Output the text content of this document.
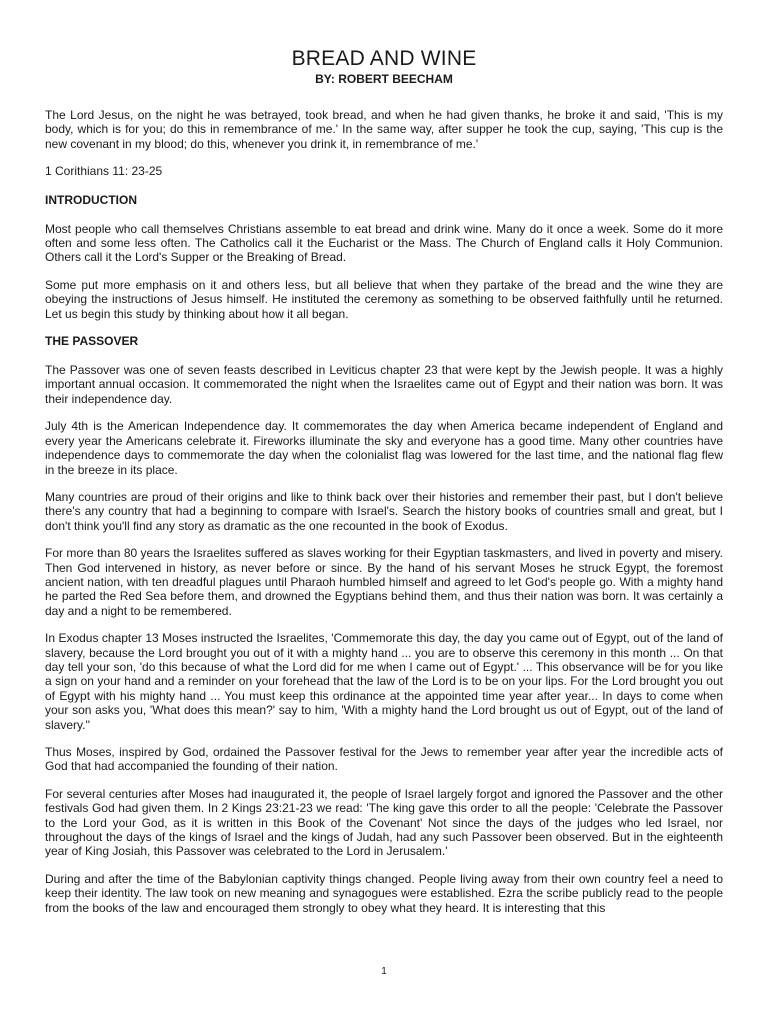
BREAD AND WINE
BY: ROBERT BEECHAM

The Lord Jesus, on the night he was betrayed, took bread, and when he had given thanks, he broke it and said, 'This is my body, which is for you; do this in remembrance of me.' In the same way, after supper he took the cup, saying, 'This cup is the new covenant in my blood; do this, whenever you drink it, in remembrance of me.'

1 Corithians 11: 23-25

INTRODUCTION

Most people who call themselves Christians assemble to eat bread and drink wine. Many do it once a week. Some do it more often and some less often. The Catholics call it the Eucharist or the Mass. The Church of England calls it Holy Communion. Others call it the Lord's Supper or the Breaking of Bread.

Some put more emphasis on it and others less, but all believe that when they partake of the bread and the wine they are obeying the instructions of Jesus himself. He instituted the ceremony as something to be observed faithfully until he returned. Let us begin this study by thinking about how it all began.

THE PASSOVER

The Passover was one of seven feasts described in Leviticus chapter 23 that were kept by the Jewish people. It was a highly important annual occasion. It commemorated the night when the Israelites came out of Egypt and their nation was born. It was their independence day.

July 4th is the American Independence day. It commemorates the day when America became independent of England and every year the Americans celebrate it. Fireworks illuminate the sky and everyone has a good time. Many other countries have independence days to commemorate the day when the colonialist flag was lowered for the last time, and the national flag flew in the breeze in its place.

Many countries are proud of their origins and like to think back over their histories and remember their past, but I don't believe there's any country that had a beginning to compare with Israel's. Search the history books of countries small and great, but I don't think you'll find any story as dramatic as the one recounted in the book of Exodus.

For more than 80 years the Israelites suffered as slaves working for their Egyptian taskmasters, and lived in poverty and misery. Then God intervened in history, as never before or since. By the hand of his servant Moses he struck Egypt, the foremost ancient nation, with ten dreadful plagues until Pharaoh humbled himself and agreed to let God's people go. With a mighty hand he parted the Red Sea before them, and drowned the Egyptians behind them, and thus their nation was born. It was certainly a day and a night to be remembered.

In Exodus chapter 13 Moses instructed the Israelites, 'Commemorate this day, the day you came out of Egypt, out of the land of slavery, because the Lord brought you out of it with a mighty hand ... you are to observe this ceremony in this month ... On that day tell your son, 'do this because of what the Lord did for me when I came out of Egypt.' ... This observance will be for you like a sign on your hand and a reminder on your forehead that the law of the Lord is to be on your lips. For the Lord brought you out of Egypt with his mighty hand ... You must keep this ordinance at the appointed time year after year... In days to come when your son asks you, 'What does this mean?' say to him, 'With a mighty hand the Lord brought us out of Egypt, out of the land of slavery.''

Thus Moses, inspired by God, ordained the Passover festival for the Jews to remember year after year the incredible acts of God that had accompanied the founding of their nation.

For several centuries after Moses had inaugurated it, the people of Israel largely forgot and ignored the Passover and the other festivals God had given them. In 2 Kings 23:21-23 we read: 'The king gave this order to all the people: 'Celebrate the Passover to the Lord your God, as it is written in this Book of the Covenant' Not since the days of the judges who led Israel, nor throughout the days of the kings of Israel and the kings of Judah, had any such Passover been observed. But in the eighteenth year of King Josiah, this Passover was celebrated to the Lord in Jerusalem.'

During and after the time of the Babylonian captivity things changed. People living away from their own country feel a need to keep their identity. The law took on new meaning and synagogues were established. Ezra the scribe publicly read to the people from the books of the law and encouraged them strongly to obey what they heard. It is interesting that this

1
